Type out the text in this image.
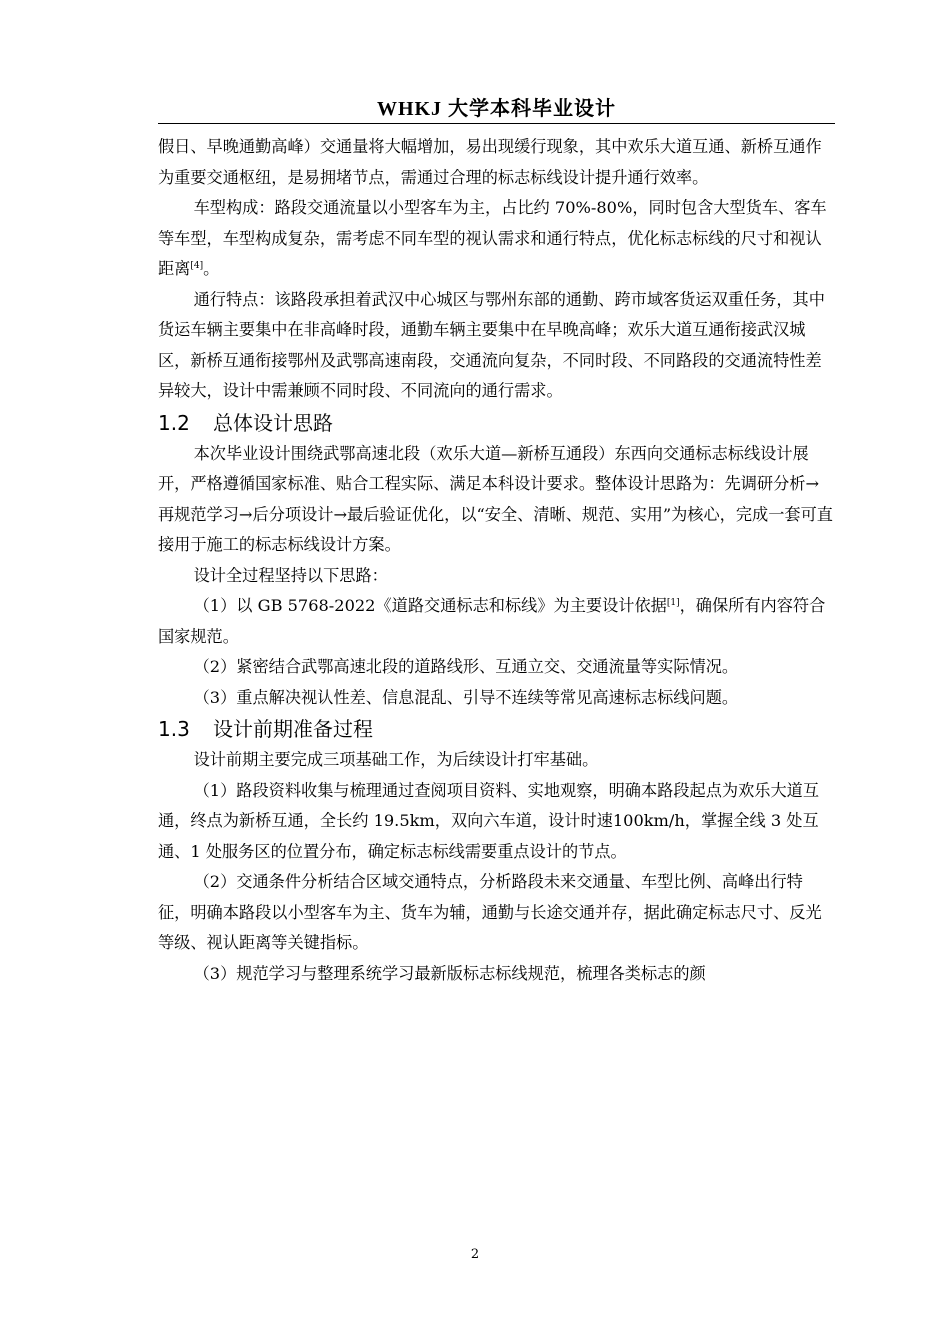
WHKJ 大学本科毕业设计

假日、早晚通勤高峰）交通量将大幅增加，易出现缓行现象，其中欢乐大道互通、新桥互通作为重要交通枢纽，是易拥堵节点，需通过合理的标志标线设计提升通行效率。

车型构成：路段交通流量以小型客车为主，占比约 70%-80%，同时包含大型货车、客车等车型，车型构成复杂，需考虑不同车型的视认需求和通行特点，优化标志标线的尺寸和视认距离[4]。

通行特点：该路段承担着武汉中心城区与鄂州东部的通勤、跨市域客货运双重任务，其中货运车辆主要集中在非高峰时段，通勤车辆主要集中在早晚高峰；欢乐大道互通衔接武汉城区，新桥互通衔接鄂州及武鄂高速南段，交通流向复杂，不同时段、不同路段的交通流特性差异较大，设计中需兼顾不同时段、不同流向的通行需求。

1.2 总体设计思路

本次毕业设计围绕武鄂高速北段（欢乐大道—新桥互通段）东西向交通标志标线设计展开，严格遵循国家标准、贴合工程实际、满足本科设计要求。整体设计思路为：先调研分析→再规范学习→后分项设计→最后验证优化，以“安全、清晰、规范、实用”为核心，完成一套可直接用于施工的标志标线设计方案。

设计全过程坚持以下思路：

（1）以 GB 5768-2022《道路交通标志和标线》为主要设计依据[1]，确保所有内容符合国家规范。

（2）紧密结合武鄂高速北段的道路线形、互通立交、交通流量等实际情况。

（3）重点解决视认性差、信息混乱、引导不连续等常见高速标志标线问题。

1.3 设计前期准备过程

设计前期主要完成三项基础工作，为后续设计打牢基础。

（1）路段资料收集与梳理通过查阅项目资料、实地观察，明确本路段起点为欢乐大道互通，终点为新桥互通，全长约 19.5km，双向六车道，设计时速100km/h，掌握全线 3 处互通、1 处服务区的位置分布，确定标志标线需要重点设计的节点。

（2）交通条件分析结合区域交通特点，分析路段未来交通量、车型比例、高峰出行特征，明确本路段以小型客车为主、货车为辅，通勤与长途交通并存，据此确定标志尺寸、反光等级、视认距离等关键指标。

（3）规范学习与整理系统学习最新版标志标线规范，梳理各类标志的颜

2
